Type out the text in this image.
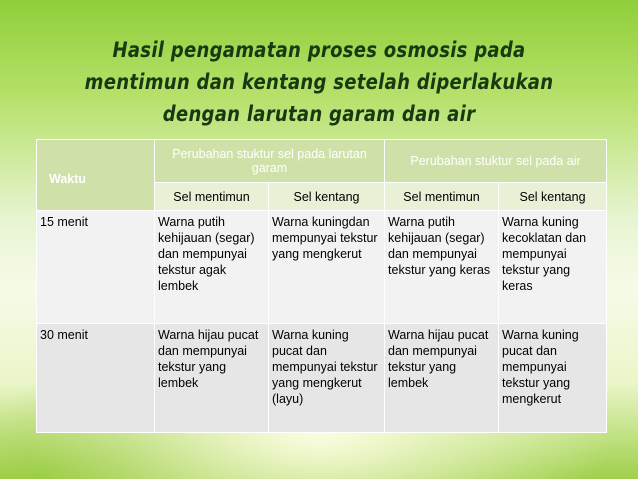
Hasil pengamatan proses osmosis pada mentimun dan kentang setelah diperlakukan dengan larutan garam dan air
Waktu	Perubahan stuktur sel pada larutan garam		Perubahan stuktur sel pada air	
	Sel mentimun	Sel kentang	Sel mentimun	Sel kentang
15 menit	Warna putih kehijauan (segar) dan mempunyai tekstur agak lembek	Warna kuningdan mempunyai tekstur yang mengkerut	Warna putih kehijauan (segar) dan mempunyai tekstur yang keras	Warna kuning kecoklatan dan mempunyai tekstur yang keras
30 menit	Warna hijau pucat dan mempunyai tekstur yang lembek	Warna kuning pucat dan mempunyai tekstur yang mengkerut (layu)	Warna hijau pucat dan mempunyai tekstur yang lembek	Warna kuning pucat dan mempunyai tekstur yang mengkerut
